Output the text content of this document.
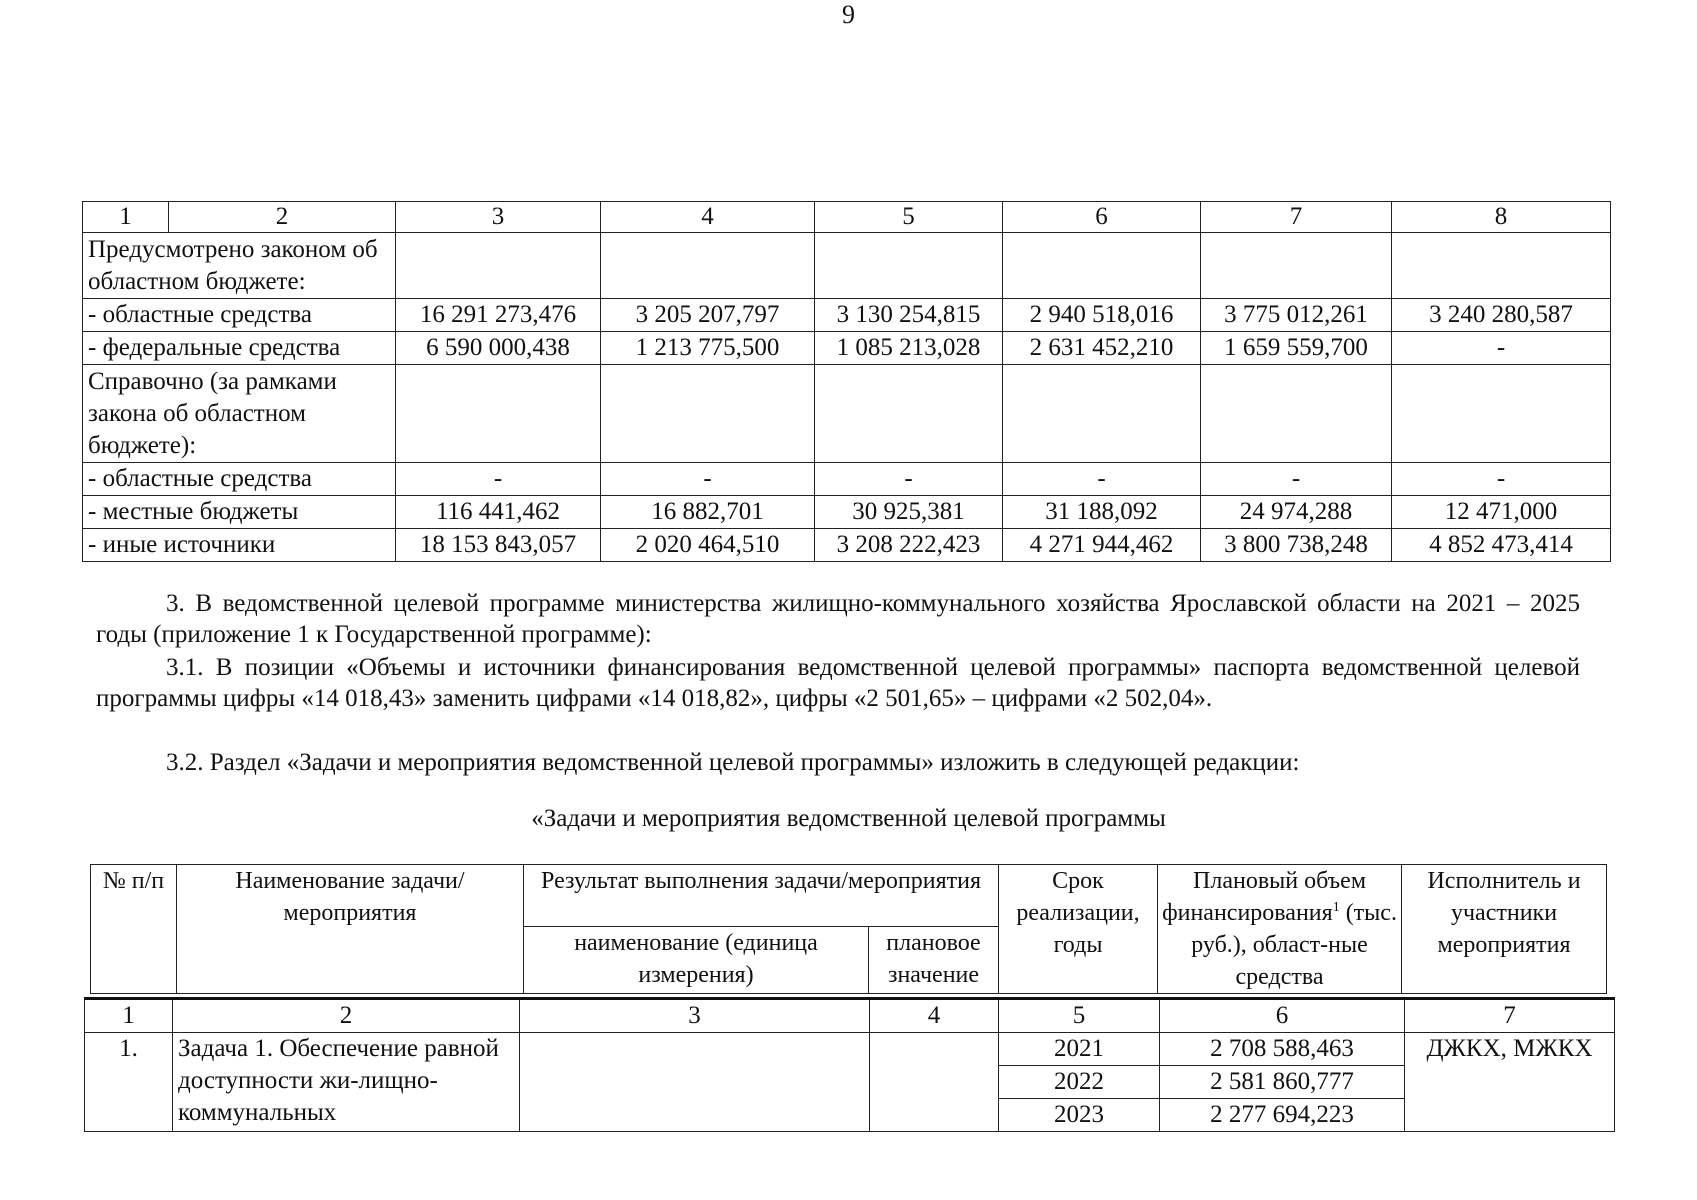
9
1	2	3	4	5	6	7	8
Предусмотрено законом об областном бюджете:							
- областные средства		16 291 273,476	3 205 207,797	3 130 254,815	2 940 518,016	3 775 012,261	3 240 280,587
- федеральные средства		6 590 000,438	1 213 775,500	1 085 213,028	2 631 452,210	1 659 559,700	-
Справочно (за рамками закона об областном бюджете):							
- областные средства		-	-	-	-	-	-
- местные бюджеты		116 441,462	16 882,701	30 925,381	31 188,092	24 974,288	12 471,000
- иные источники		18 153 843,057	2 020 464,510	3 208 222,423	4 271 944,462	3 800 738,248	4 852 473,414
3. В ведомственной целевой программе министерства жилищно-коммунального хозяйства Ярославской области на 2021 – 2025 годы (приложение 1 к Государственной программе):
3.1. В позиции «Объемы и источники финансирования ведомственной целевой программы» паспорта ведомственной целевой программы цифры «14 018,43» заменить цифрами «14 018,82», цифры «2 501,65» – цифрами «2 502,04».
3.2. Раздел «Задачи и мероприятия ведомственной целевой программы» изложить в следующей редакции:
«Задачи и мероприятия ведомственной целевой программы
№ п/п	Наименование задачи/мероприятия	Результат выполнения задачи/мероприятия		Срок реализации, годы	Плановый объем финансирования$^1$ (тыс. руб.), област-ные средства	Исполнитель и участники мероприятия
		наименование (единица измерения)	плановое значение			
1	2	3	4	5	6	7
1.	Задача 1. Обеспечение равной доступности жи-лищно-коммунальных			2021	2 708 588,463	ДЖКХ, МЖКХ
				2022	2 581 860,777	
				2023	2 277 694,223	
